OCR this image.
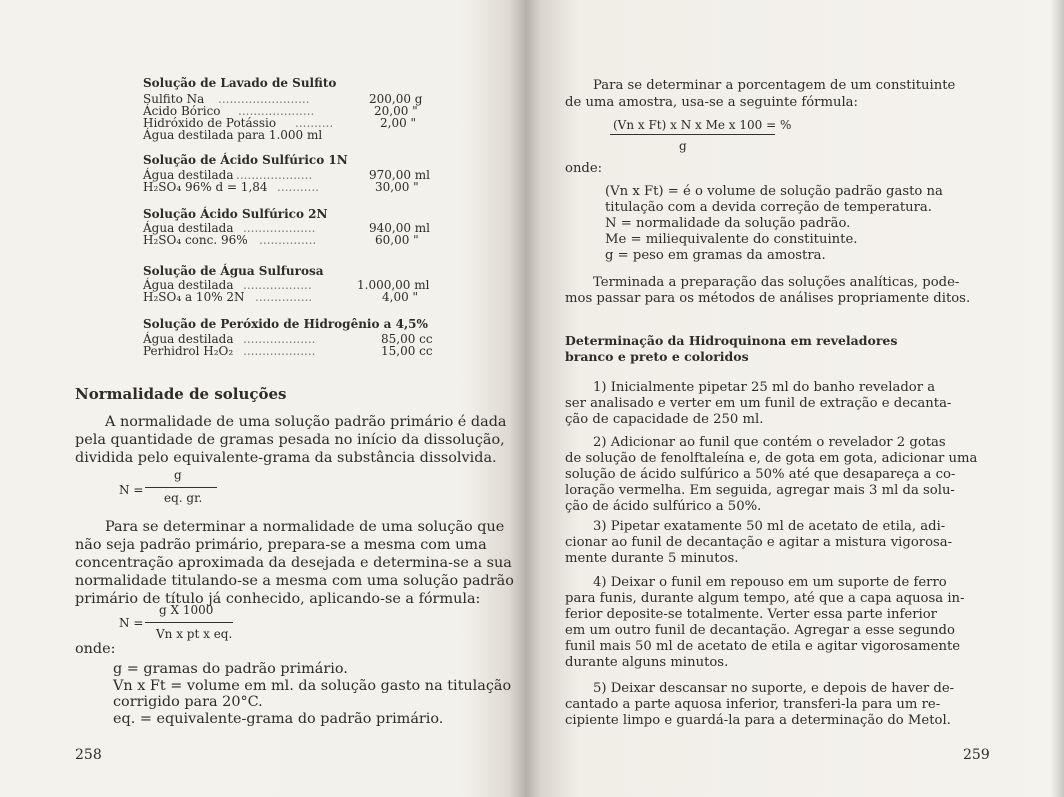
Solução de Lavado de Sulfito
Sulfito Na ........................	200,00 g
Ácido Bórico ....................	20,00 "
Hidróxido de Potássio ..........	2,00 "
Água destilada para 1.000 ml
Solução de Ácido Sulfúrico 1N
Água destilada ....................	970,00 ml
H₂SO₄ 96% d = 1,84 ...........	30,00 "
Solução Ácido Sulfúrico 2N
Água destilada ...................	940,00 ml
H₂SO₄ conc. 96% ...............	60,00 "
Solução de Água Sulfurosa
Água destilada ..................	1.000,00 ml
H₂SO₄ a 10% 2N ...............	4,00 "
Solução de Peróxido de Hidrogênio a 4,5%
Água destilada ...................	85,00 cc
Perhidrol H₂O₂ ...................	15,00 cc
Normalidade de soluções
A normalidade de uma solução padrão primário é dada
pela quantidade de gramas pesada no início da dissolução,
dividida pelo equivalente-grama da substância dissolvida.
N =
g
eq. gr.
Para se determinar a normalidade de uma solução que
não seja padrão primário, prepara-se a mesma com uma
concentração aproximada da desejada e determina-se a sua
normalidade titulando-se a mesma com uma solução padrão
primário de título já conhecido, aplicando-se a fórmula:
N =
g X 1000
Vn x pt x eq.
onde:
g = gramas do padrão primário.
Vn x Ft = volume em ml. da solução gasto na titulação
corrigido para 20°C.
eq. = equivalente-grama do padrão primário.
258
Para se determinar a porcentagem de um constituinte
de uma amostra, usa-se a seguinte fórmula:
(Vn x Ft) x N x Me x 100 = %
g
onde:
(Vn x Ft) = é o volume de solução padrão gasto na
titulação com a devida correção de temperatura.
N = normalidade da solução padrão.
Me = miliequivalente do constituinte.
g = peso em gramas da amostra.
Terminada a preparação das soluções analíticas, pode-
mos passar para os métodos de análises propriamente ditos.
Determinação da Hidroquinona em reveladores
branco e preto e coloridos
1) Inicialmente pipetar 25 ml do banho revelador a
ser analisado e verter em um funil de extração e decanta-
ção de capacidade de 250 ml.
2) Adicionar ao funil que contém o revelador 2 gotas
de solução de fenolftaleína e, de gota em gota, adicionar uma
solução de ácido sulfúrico a 50% até que desapareça a co-
loração vermelha. Em seguida, agregar mais 3 ml da solu-
ção de ácido sulfúrico a 50%.
3) Pipetar exatamente 50 ml de acetato de etila, adi-
cionar ao funil de decantação e agitar a mistura vigorosa-
mente durante 5 minutos.
4) Deixar o funil em repouso em um suporte de ferro
para funis, durante algum tempo, até que a capa aquosa in-
ferior deposite-se totalmente. Verter essa parte inferior
em um outro funil de decantação. Agregar a esse segundo
funil mais 50 ml de acetato de etila e agitar vigorosamente
durante alguns minutos.
5) Deixar descansar no suporte, e depois de haver de-
cantado a parte aquosa inferior, transferi-la para um re-
cipiente limpo e guardá-la para a determinação do Metol.
259
